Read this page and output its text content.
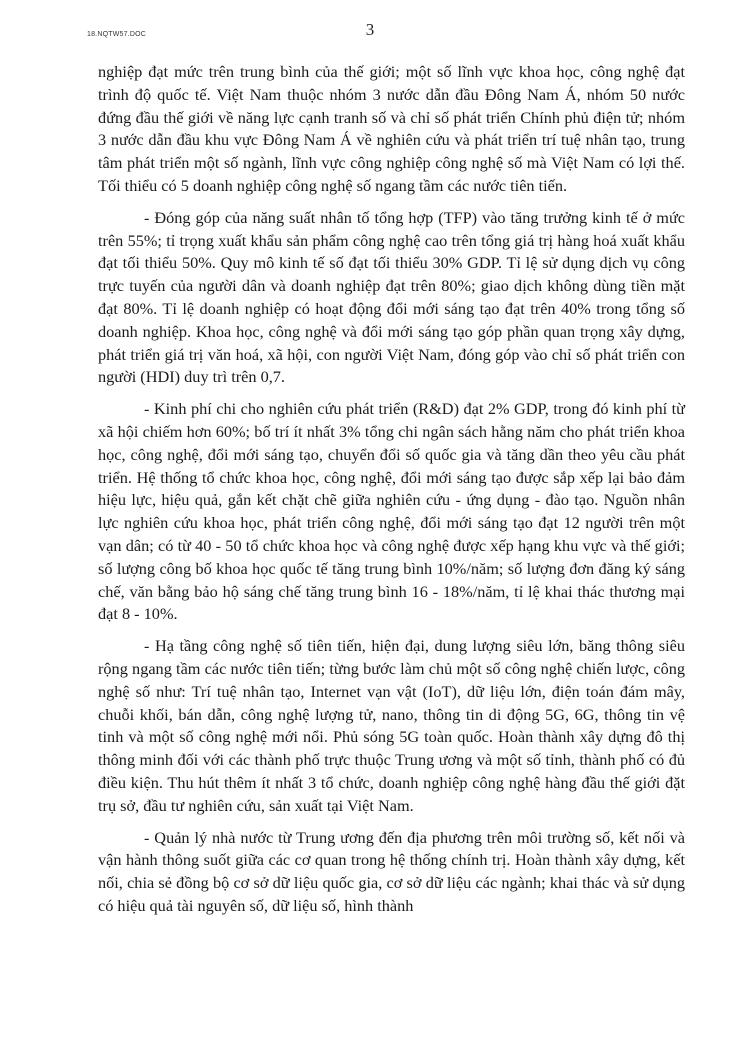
18.NQTW57.DOC	3

nghiệp đạt mức trên trung bình của thế giới; một số lĩnh vực khoa học, công nghệ đạt trình độ quốc tế. Việt Nam thuộc nhóm 3 nước dẫn đầu Đông Nam Á, nhóm 50 nước đứng đầu thế giới về năng lực cạnh tranh số và chỉ số phát triển Chính phủ điện tử; nhóm 3 nước dẫn đầu khu vực Đông Nam Á về nghiên cứu và phát triển trí tuệ nhân tạo, trung tâm phát triển một số ngành, lĩnh vực công nghiệp công nghệ số mà Việt Nam có lợi thế. Tối thiểu có 5 doanh nghiệp công nghệ số ngang tầm các nước tiên tiến.

- Đóng góp của năng suất nhân tố tổng hợp (TFP) vào tăng trưởng kinh tế ở mức trên 55%; tỉ trọng xuất khẩu sản phẩm công nghệ cao trên tổng giá trị hàng hoá xuất khẩu đạt tối thiểu 50%. Quy mô kinh tế số đạt tối thiểu 30% GDP. Tỉ lệ sử dụng dịch vụ công trực tuyến của người dân và doanh nghiệp đạt trên 80%; giao dịch không dùng tiền mặt đạt 80%. Tỉ lệ doanh nghiệp có hoạt động đổi mới sáng tạo đạt trên 40% trong tổng số doanh nghiệp. Khoa học, công nghệ và đổi mới sáng tạo góp phần quan trọng xây dựng, phát triển giá trị văn hoá, xã hội, con người Việt Nam, đóng góp vào chỉ số phát triển con người (HDI) duy trì trên 0,7.

- Kinh phí chi cho nghiên cứu phát triển (R&D) đạt 2% GDP, trong đó kinh phí từ xã hội chiếm hơn 60%; bố trí ít nhất 3% tổng chi ngân sách hằng năm cho phát triển khoa học, công nghệ, đổi mới sáng tạo, chuyển đổi số quốc gia và tăng dần theo yêu cầu phát triển. Hệ thống tổ chức khoa học, công nghệ, đổi mới sáng tạo được sắp xếp lại bảo đảm hiệu lực, hiệu quả, gắn kết chặt chẽ giữa nghiên cứu - ứng dụng - đào tạo. Nguồn nhân lực nghiên cứu khoa học, phát triển công nghệ, đổi mới sáng tạo đạt 12 người trên một vạn dân; có từ 40 - 50 tổ chức khoa học và công nghệ được xếp hạng khu vực và thế giới; số lượng công bố khoa học quốc tế tăng trung bình 10%/năm; số lượng đơn đăng ký sáng chế, văn bằng bảo hộ sáng chế tăng trung bình 16 - 18%/năm, tỉ lệ khai thác thương mại đạt 8 - 10%.

- Hạ tầng công nghệ số tiên tiến, hiện đại, dung lượng siêu lớn, băng thông siêu rộng ngang tầm các nước tiên tiến; từng bước làm chủ một số công nghệ chiến lược, công nghệ số như: Trí tuệ nhân tạo, Internet vạn vật (IoT), dữ liệu lớn, điện toán đám mây, chuỗi khối, bán dẫn, công nghệ lượng tử, nano, thông tin di động 5G, 6G, thông tin vệ tinh và một số công nghệ mới nổi. Phủ sóng 5G toàn quốc. Hoàn thành xây dựng đô thị thông minh đối với các thành phố trực thuộc Trung ương và một số tỉnh, thành phố có đủ điều kiện. Thu hút thêm ít nhất 3 tổ chức, doanh nghiệp công nghệ hàng đầu thế giới đặt trụ sở, đầu tư nghiên cứu, sản xuất tại Việt Nam.

- Quản lý nhà nước từ Trung ương đến địa phương trên môi trường số, kết nối và vận hành thông suốt giữa các cơ quan trong hệ thống chính trị. Hoàn thành xây dựng, kết nối, chia sẻ đồng bộ cơ sở dữ liệu quốc gia, cơ sở dữ liệu các ngành; khai thác và sử dụng có hiệu quả tài nguyên số, dữ liệu số, hình thành
